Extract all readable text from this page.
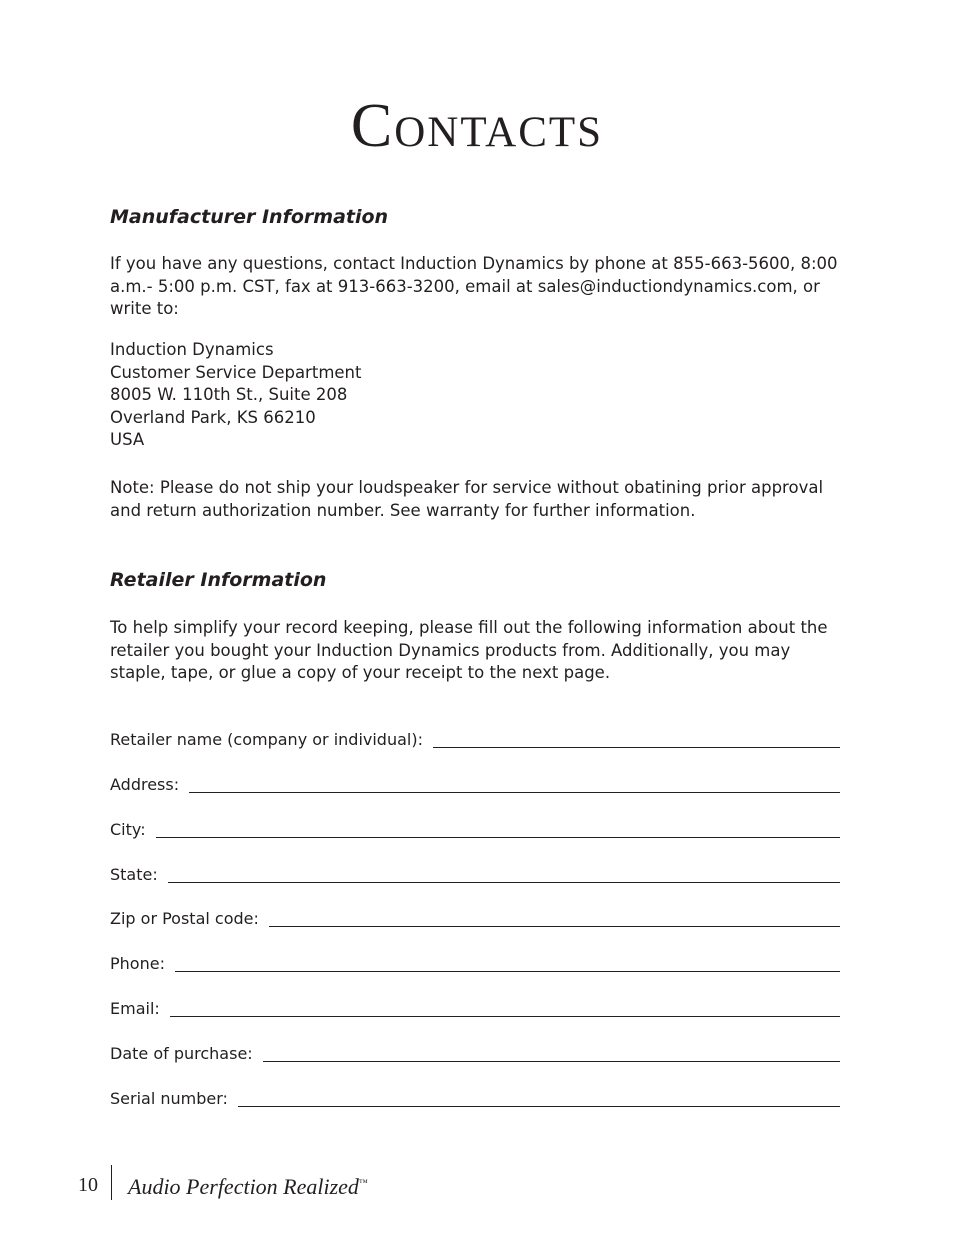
Contacts
Manufacturer Information

If you have any questions, contact Induction Dynamics by phone at 855-663-5600, 8:00 a.m.- 5:00 p.m. CST, fax at 913-663-3200, email at sales@inductiondynamics.com, or write to:

Induction Dynamics
Customer Service Department
8005 W. 110th St., Suite 208
Overland Park, KS 66210
USA

Note: Please do not ship your loudspeaker for service without obatining prior approval and return authorization number. See warranty for further information.

Retailer Information

To help simplify your record keeping, please fill out the following information about the retailer you bought your Induction Dynamics products from. Additionally, you may staple, tape, or glue a copy of your receipt to the next page.

Retailer name (company or individual):
Address:
City:
State:
Zip or Postal code:
Phone:
Email:
Date of purchase:
Serial number:
10 Audio Perfection Realized™
